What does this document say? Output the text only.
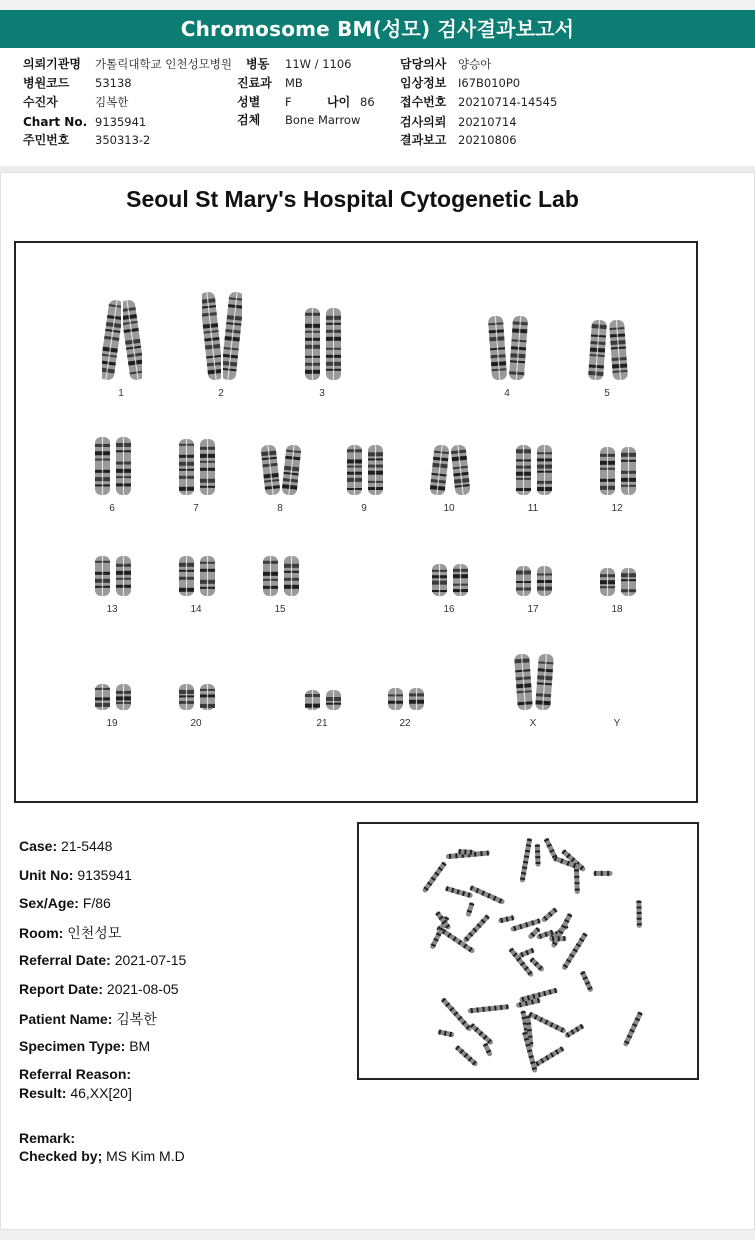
Chromosome BM(성모) 검사결과보고서
의뢰기관명 가톨릭대학교 인천성모병원
병원코드 53138
수진자	김복한
Chart No. 9135941
주민번호 350313-2
병동 11W / 1106
진료과 MB
성별 F	나이 86
검체 Bone Marrow
담당의사 양승아
임상정보 I67B010P0
접수번호 20210714-14545
검사의뢰 20210714
결과보고 20210806
Seoul St Mary's Hospital Cytogenetic Lab
1	2	3	4	5
6	7	8	9	10	11	12
13	14	15	16	17	18
19	20	21	22	X	Y
Case: 21-5448
Unit No: 9135941
Sex/Age: F/86
Room: 인천성모
Referral Date: 2021-07-15
Report Date: 2021-08-05
Patient Name: 김복한
Specimen Type: BM
Referral Reason:
Result: 46,XX[20]
Remark:
Checked by; MS Kim M.D
